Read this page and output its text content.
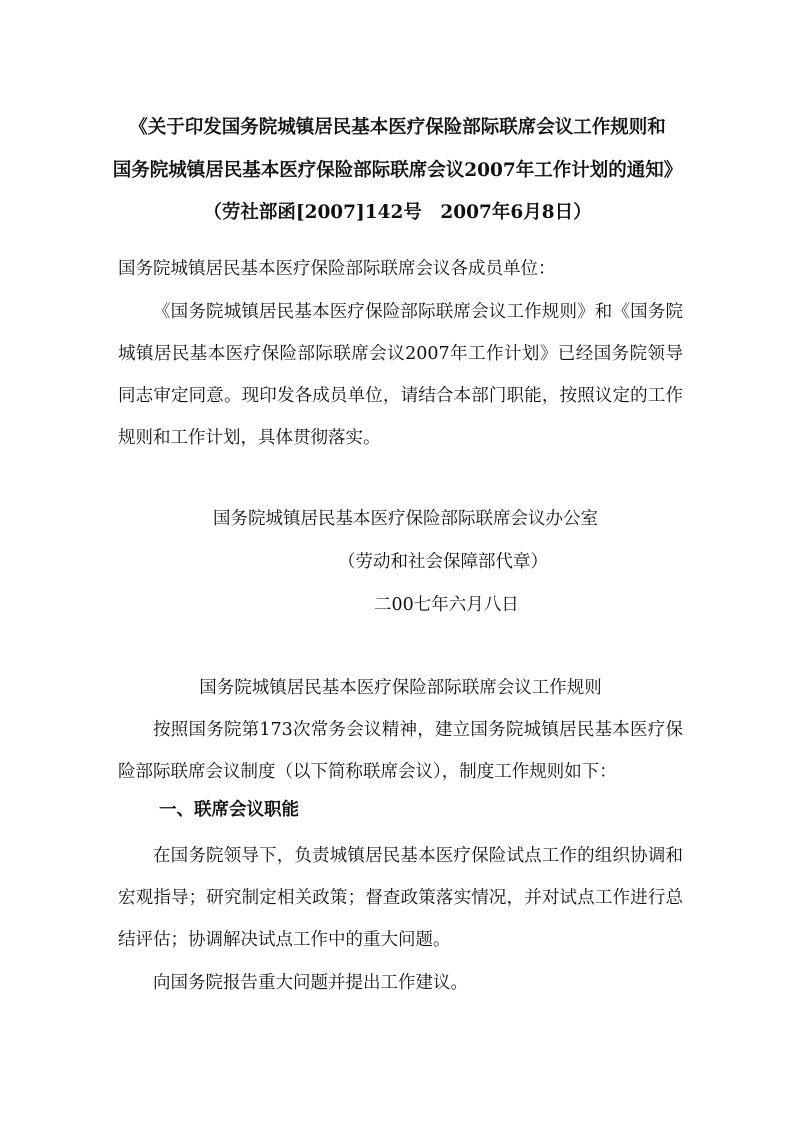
《关于印发国务院城镇居民基本医疗保险部际联席会议工作规则和
国务院城镇居民基本医疗保险部际联席会议2007年工作计划的通知》
（劳社部函[2007]142号　2007年6月8日）

国务院城镇居民基本医疗保险部际联席会议各成员单位：

《国务院城镇居民基本医疗保险部际联席会议工作规则》和《国务院城镇居民基本医疗保险部际联席会议2007年工作计划》已经国务院领导同志审定同意。现印发各成员单位，请结合本部门职能，按照议定的工作规则和工作计划，具体贯彻落实。

国务院城镇居民基本医疗保险部际联席会议办公室
（劳动和社会保障部代章）
二00七年六月八日
国务院城镇居民基本医疗保险部际联席会议工作规则

按照国务院第173次常务会议精神，建立国务院城镇居民基本医疗保险部际联席会议制度（以下简称联席会议），制度工作规则如下：

一、联席会议职能

在国务院领导下，负责城镇居民基本医疗保险试点工作的组织协调和宏观指导；研究制定相关政策；督查政策落实情况，并对试点工作进行总结评估；协调解决试点工作中的重大问题。

向国务院报告重大问题并提出工作建议。
